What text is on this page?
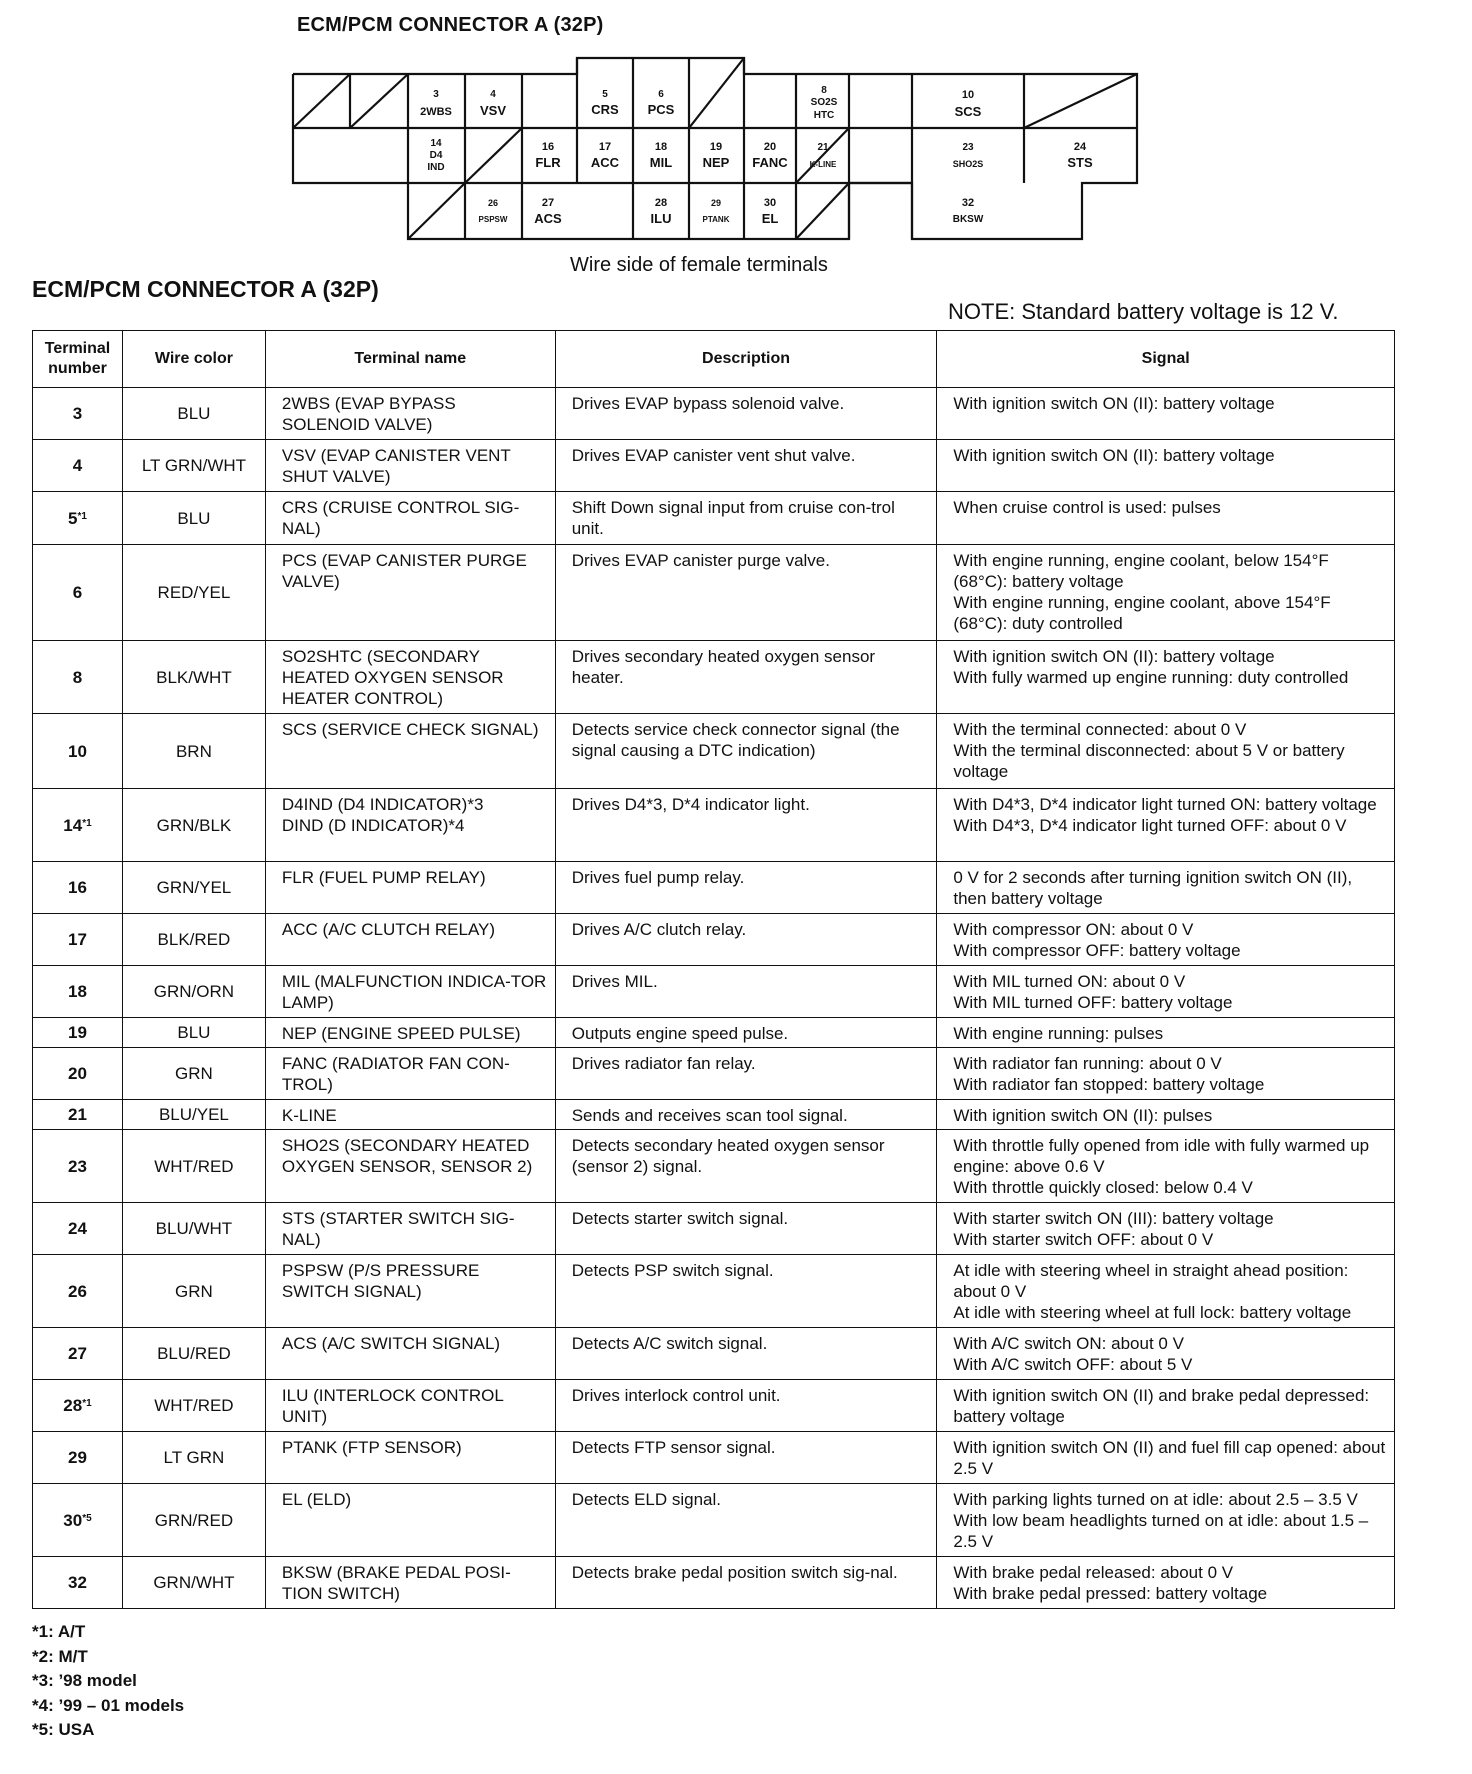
ECM/PCM CONNECTOR A (32P)
3
2WBS
4
VSV
5
CRS
6
PCS
8
SO2S
HTC
10
SCS
14
D4
IND
16
FLR
17
ACC
18
MIL
19
NEP
20
FANC
21
K-LINE
23
SHO2S
24
STS
26
PSPSW
27
ACS
28
ILU
29
PTANK
30
EL
32
BKSW
Wire side of female terminals
ECM/PCM CONNECTOR A (32P)
NOTE: Standard battery voltage is 12 V.
Terminal
number	Wire color	Terminal name	Description	Signal
3	BLU	2WBS (EVAP BYPASS SOLENOID VALVE)	Drives EVAP bypass solenoid valve.	With ignition switch ON (II): battery voltage
4	LT GRN/WHT	VSV (EVAP CANISTER VENT SHUT VALVE)	Drives EVAP canister vent shut valve.	With ignition switch ON (II): battery voltage
5$^{*1}$	BLU	CRS (CRUISE CONTROL SIG-NAL)	Shift Down signal input from cruise con-trol unit.	When cruise control is used: pulses
6	RED/YEL	PCS (EVAP CANISTER PURGE VALVE)	Drives EVAP canister purge valve.	With engine running, engine coolant, below 154°F (68°C): battery voltage
With engine running, engine coolant, above 154°F (68°C): duty controlled
8	BLK/WHT	SO2SHTC (SECONDARY HEATED OXYGEN SENSOR HEATER CONTROL)	Drives secondary heated oxygen sensor heater.	With ignition switch ON (II): battery voltage
With fully warmed up engine running: duty controlled
10	BRN	SCS (SERVICE CHECK SIGNAL)	Detects service check connector signal (the signal causing a DTC indication)	With the terminal connected: about 0 V
With the terminal disconnected: about 5 V or battery voltage
14$^{*1}$	GRN/BLK	D4IND (D4 INDICATOR)*3
DIND (D INDICATOR)*4	Drives D4*3, D*4 indicator light.	With D4*3, D*4 indicator light turned ON: battery voltage
With D4*3, D*4 indicator light turned OFF: about 0 V
16	GRN/YEL	FLR (FUEL PUMP RELAY)	Drives fuel pump relay.	0 V for 2 seconds after turning ignition switch ON (II), then battery voltage
17	BLK/RED	ACC (A/C CLUTCH RELAY)	Drives A/C clutch relay.	With compressor ON: about 0 V
With compressor OFF: battery voltage
18	GRN/ORN	MIL (MALFUNCTION INDICA-TOR LAMP)	Drives MIL.	With MIL turned ON: about 0 V
With MIL turned OFF: battery voltage
19	BLU	NEP (ENGINE SPEED PULSE)	Outputs engine speed pulse.	With engine running: pulses
20	GRN	FANC (RADIATOR FAN CON-TROL)	Drives radiator fan relay.	With radiator fan running: about 0 V
With radiator fan stopped: battery voltage
21	BLU/YEL	K-LINE	Sends and receives scan tool signal.	With ignition switch ON (II): pulses
23	WHT/RED	SHO2S (SECONDARY HEATED OXYGEN SENSOR, SENSOR 2)	Detects secondary heated oxygen sensor (sensor 2) signal.	With throttle fully opened from idle with fully warmed up engine: above 0.6 V
With throttle quickly closed: below 0.4 V
24	BLU/WHT	STS (STARTER SWITCH SIG-NAL)	Detects starter switch signal.	With starter switch ON (III): battery voltage
With starter switch OFF: about 0 V
26	GRN	PSPSW (P/S PRESSURE SWITCH SIGNAL)	Detects PSP switch signal.	At idle with steering wheel in straight ahead position: about 0 V
At idle with steering wheel at full lock: battery voltage
27	BLU/RED	ACS (A/C SWITCH SIGNAL)	Detects A/C switch signal.	With A/C switch ON: about 0 V
With A/C switch OFF: about 5 V
28$^{*1}$	WHT/RED	ILU (INTERLOCK CONTROL UNIT)	Drives interlock control unit.	With ignition switch ON (II) and brake pedal depressed: battery voltage
29	LT GRN	PTANK (FTP SENSOR)	Detects FTP sensor signal.	With ignition switch ON (II) and fuel fill cap opened: about 2.5 V
30$^{*5}$	GRN/RED	EL (ELD)	Detects ELD signal.	With parking lights turned on at idle: about 2.5 – 3.5 V
With low beam headlights turned on at idle: about 1.5 – 2.5 V
32	GRN/WHT	BKSW (BRAKE PEDAL POSI-TION SWITCH)	Detects brake pedal position switch sig-nal.	With brake pedal released: about 0 V
With brake pedal pressed: battery voltage
*1: A/T
*2: M/T
*3: ’98 model
*4: ’99 – 01 models
*5: USA
